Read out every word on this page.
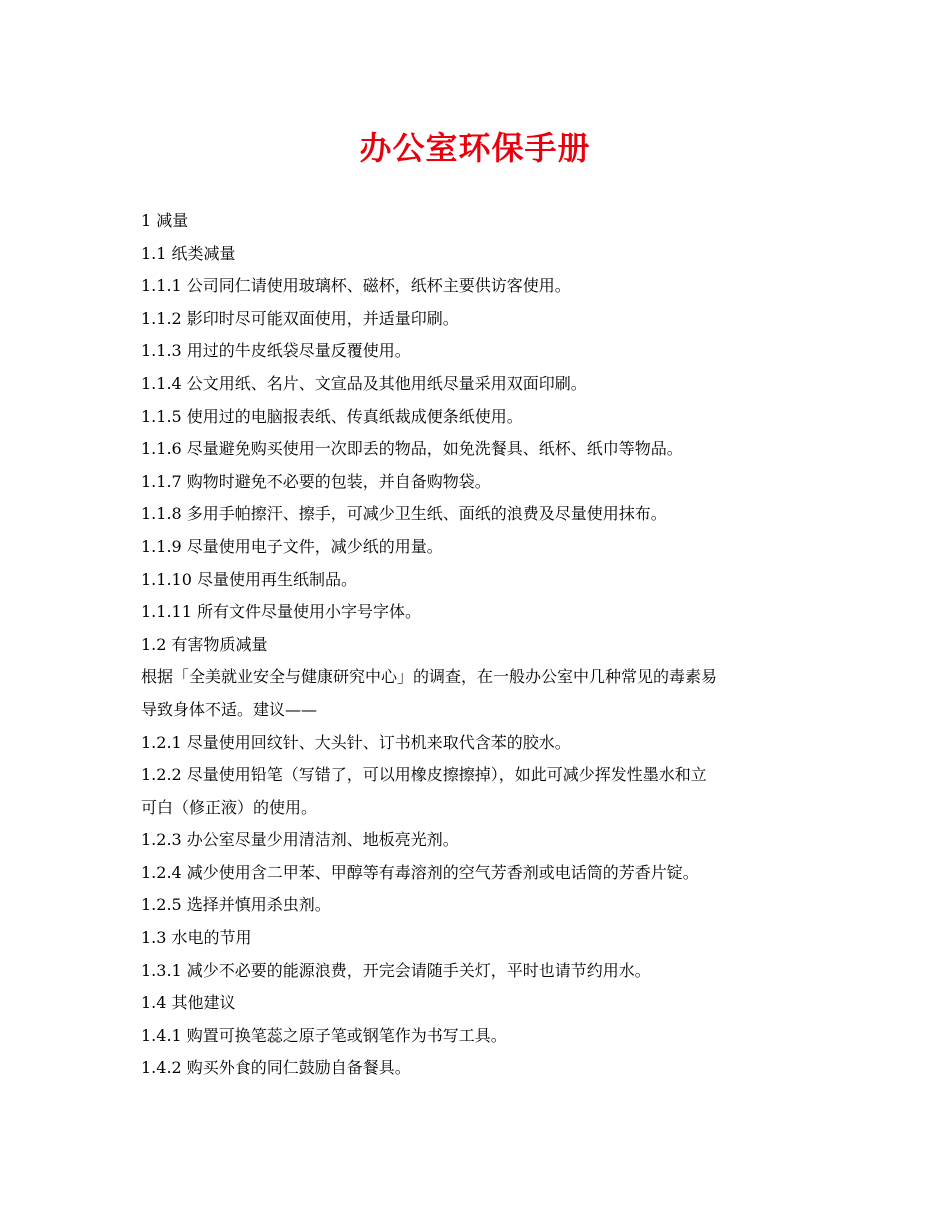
办公室环保手册

1 减量

1.1 纸类减量

1.1.1 公司同仁请使用玻璃杯、磁杯，纸杯主要供访客使用。

1.1.2 影印时尽可能双面使用，并适量印刷。

1.1.3 用过的牛皮纸袋尽量反覆使用。

1.1.4 公文用纸、名片、文宣品及其他用纸尽量采用双面印刷。

1.1.5 使用过的电脑报表纸、传真纸裁成便条纸使用。

1.1.6 尽量避免购买使用一次即丢的物品，如免洗餐具、纸杯、纸巾等物品。

1.1.7 购物时避免不必要的包装，并自备购物袋。

1.1.8 多用手帕擦汗、擦手，可减少卫生纸、面纸的浪费及尽量使用抹布。

1.1.9 尽量使用电子文件，减少纸的用量。

1.1.10 尽量使用再生纸制品。

1.1.11 所有文件尽量使用小字号字体。

1.2 有害物质减量

根据「全美就业安全与健康研究中心」的调查，在一般办公室中几种常见的毒素易

导致身体不适。建议——

1.2.1 尽量使用回纹针、大头针、订书机来取代含苯的胶水。

1.2.2 尽量使用铅笔（写错了，可以用橡皮擦擦掉），如此可减少挥发性墨水和立

可白（修正液）的使用。

1.2.3 办公室尽量少用清洁剂、地板亮光剂。

1.2.4 减少使用含二甲苯、甲醇等有毒溶剂的空气芳香剂或电话筒的芳香片锭。

1.2.5 选择并慎用杀虫剂。

1.3 水电的节用

1.3.1 减少不必要的能源浪费，开完会请随手关灯，平时也请节约用水。

1.4 其他建议

1.4.1 购置可换笔蕊之原子笔或钢笔作为书写工具。

1.4.2 购买外食的同仁鼓励自备餐具。
